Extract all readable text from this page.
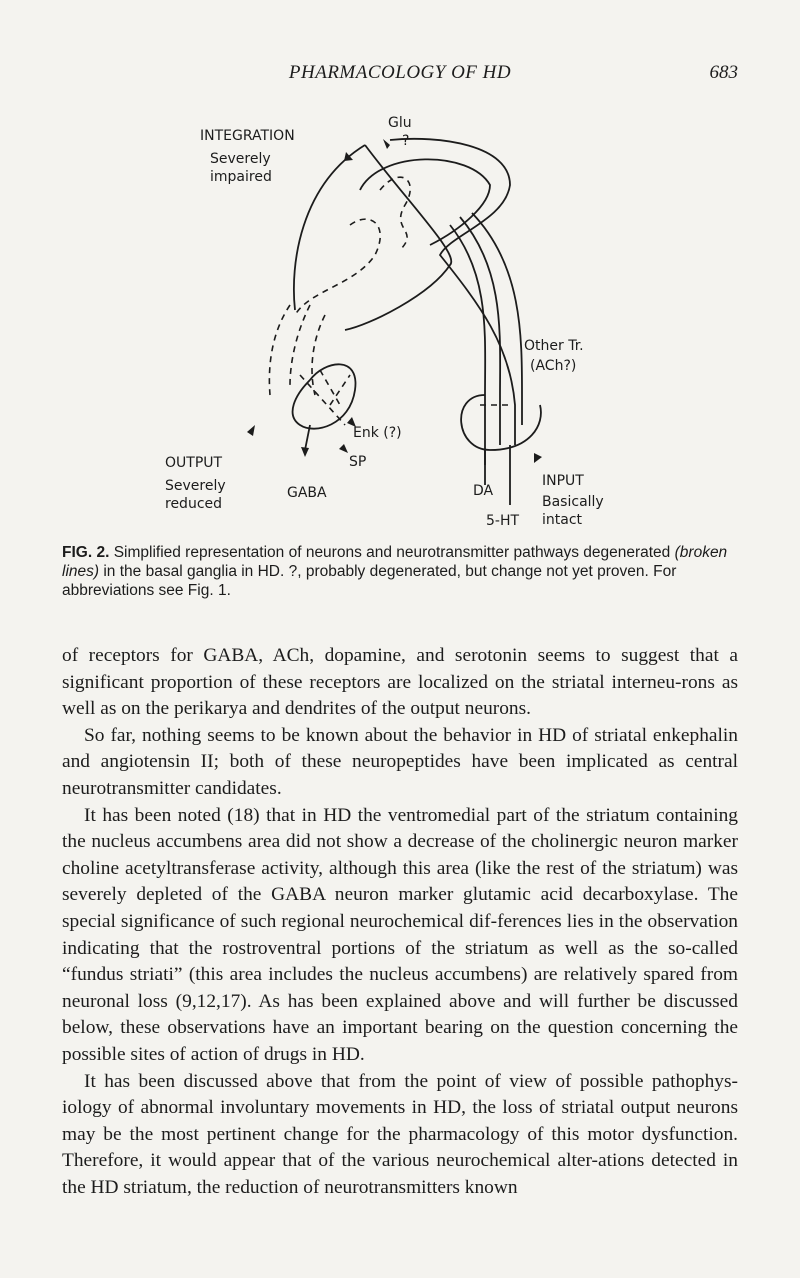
PHARMACOLOGY OF HD	683
INTEGRATION
Severely
impaired
Glu
?
Other Tr.
(ACh?)
Enk (?)
SP
GABA
OUTPUT
Severely
reduced
DA
5-HT
INPUT
Basically
intact
FIG. 2. Simplified representation of neurons and neurotransmitter pathways degenerated (broken lines) in the basal ganglia in HD. ?, probably degenerated, but change not yet proven. For abbreviations see Fig. 1.

of receptors for GABA, ACh, dopamine, and serotonin seems to suggest that a significant proportion of these receptors are localized on the striatal interneu-rons as well as on the perikarya and dendrites of the output neurons.

So far, nothing seems to be known about the behavior in HD of striatal enkephalin and angiotensin II; both of these neuropeptides have been implicated as central neurotransmitter candidates.

It has been noted (18) that in HD the ventromedial part of the striatum containing the nucleus accumbens area did not show a decrease of the cholinergic neuron marker choline acetyltransferase activity, although this area (like the rest of the striatum) was severely depleted of the GABA neuron marker glutamic acid decarboxylase. The special significance of such regional neurochemical dif-ferences lies in the observation indicating that the rostroventral portions of the striatum as well as the so-called “fundus striati” (this area includes the nucleus accumbens) are relatively spared from neuronal loss (9,12,17). As has been explained above and will further be discussed below, these observations have an important bearing on the question concerning the possible sites of action of drugs in HD.

It has been discussed above that from the point of view of possible pathophys-iology of abnormal involuntary movements in HD, the loss of striatal output neurons may be the most pertinent change for the pharmacology of this motor dysfunction. Therefore, it would appear that of the various neurochemical alter-ations detected in the HD striatum, the reduction of neurotransmitters known
